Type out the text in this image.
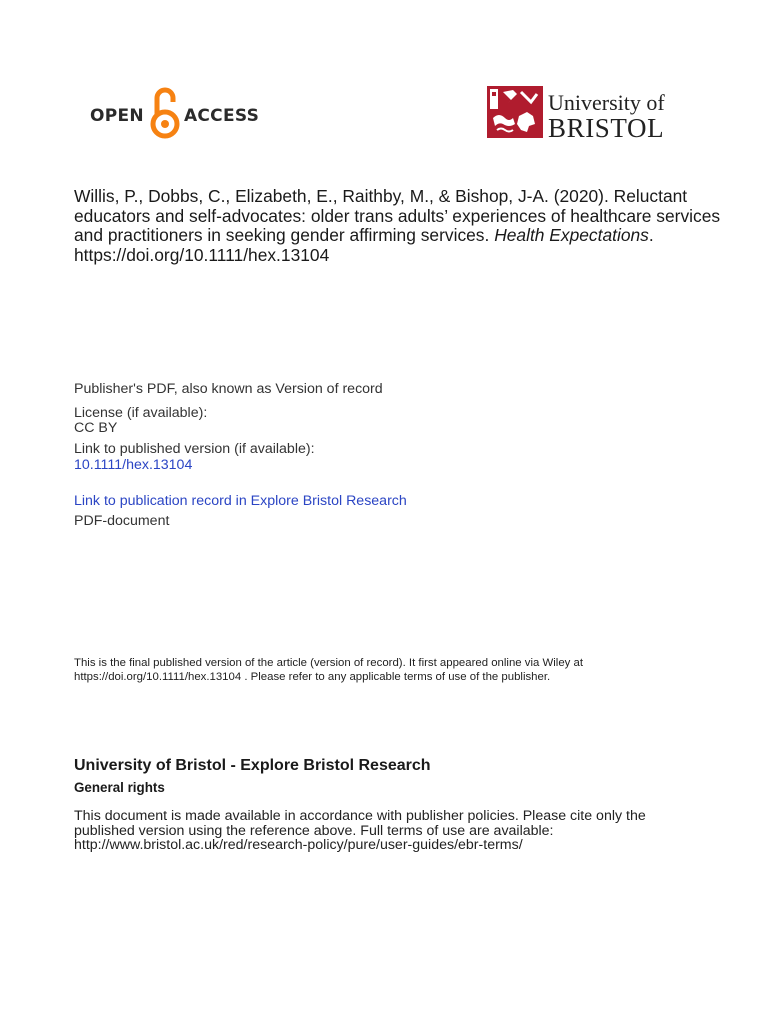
OPEN ACCESS
University of
BRISTOL
Willis, P., Dobbs, C., Elizabeth, E., Raithby, M., & Bishop, J-A. (2020). Reluctant educators and self-advocates: older trans adults’ experiences of healthcare services and practitioners in seeking gender affirming services. Health Expectations.
https://doi.org/10.1111/hex.13104
Publisher's PDF, also known as Version of record
License (if available):
CC BY
Link to published version (if available):
10.1111/hex.13104
Link to publication record in Explore Bristol Research
PDF-document
This is the final published version of the article (version of record). It first appeared online via Wiley at
https://doi.org/10.1111/hex.13104 . Please refer to any applicable terms of use of the publisher.
University of Bristol - Explore Bristol Research
General rights
This document is made available in accordance with publisher policies. Please cite only the
published version using the reference above. Full terms of use are available:
http://www.bristol.ac.uk/red/research-policy/pure/user-guides/ebr-terms/
